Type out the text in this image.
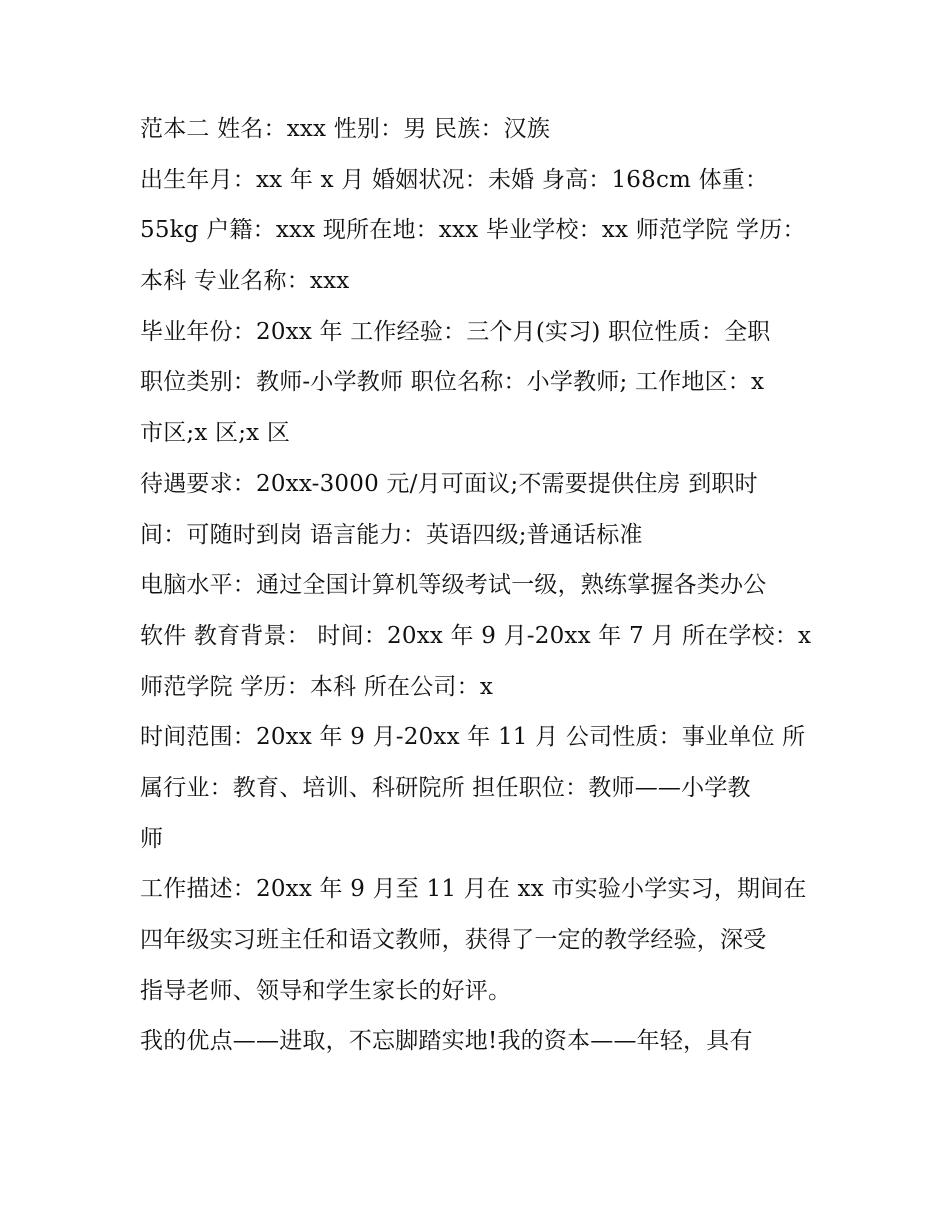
范本二 姓名：xxx 性别：男 民族：汉族
出生年月：xx 年 x 月 婚姻状况：未婚 身高：168cm 体重：
55kg 户籍：xxx 现所在地：xxx 毕业学校：xx 师范学院 学历：
本科 专业名称：xxx
毕业年份：20xx 年 工作经验：三个月(实习) 职位性质：全职
职位类别：教师-小学教师 职位名称：小学教师; 工作地区：x
市区;x 区;x 区
待遇要求：20xx-3000 元/月可面议;不需要提供住房 到职时
间：可随时到岗 语言能力：英语四级;普通话标准
电脑水平：通过全国计算机等级考试一级，熟练掌握各类办公
软件 教育背景： 时间：20xx 年 9 月-20xx 年 7 月 所在学校：x
师范学院 学历：本科 所在公司：x
时间范围：20xx 年 9 月-20xx 年 11 月 公司性质：事业单位 所
属行业：教育、培训、科研院所 担任职位：教师——小学教
师
工作描述：20xx 年 9 月至 11 月在 xx 市实验小学实习，期间在
四年级实习班主任和语文教师，获得了一定的教学经验，深受
指导老师、领导和学生家长的好评。
我的优点——进取，不忘脚踏实地!我的资本——年轻，具有
